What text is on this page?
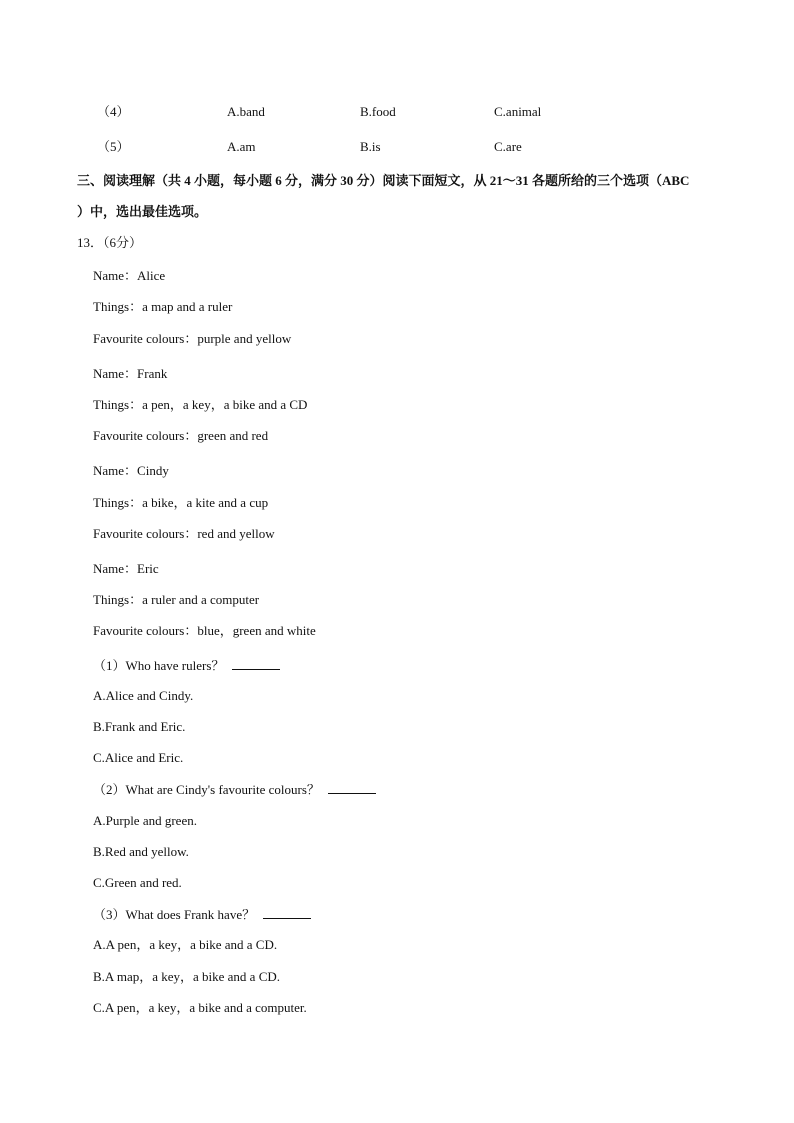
（4）	A.band	B.food	C.animal
（5）	A.am	B.is	C.are
三、阅读理解（共 4 小题，每小题 6 分，满分 30 分）阅读下面短文，从 21～31 各题所给的三个选项（ABC
）中，选出最佳选项。
13．（6分）
Name：Alice
Things：a map and a ruler
Favourite colours：purple and yellow
Name：Frank
Things：a pen，a key，a bike and a CD
Favourite colours：green and red
Name：Cindy
Things：a bike，a kite and a cup
Favourite colours：red and yellow
Name：Eric
Things：a ruler and a computer
Favourite colours：blue，green and white
（1）Who have rulers？
A.Alice and Cindy.
B.Frank and Eric.
C.Alice and Eric.
（2）What are Cindy's favourite colours？
A.Purple and green.
B.Red and yellow.
C.Green and red.
（3）What does Frank have？
A.A pen，a key，a bike and a CD.
B.A map，a key，a bike and a CD.
C.A pen，a key，a bike and a computer.
